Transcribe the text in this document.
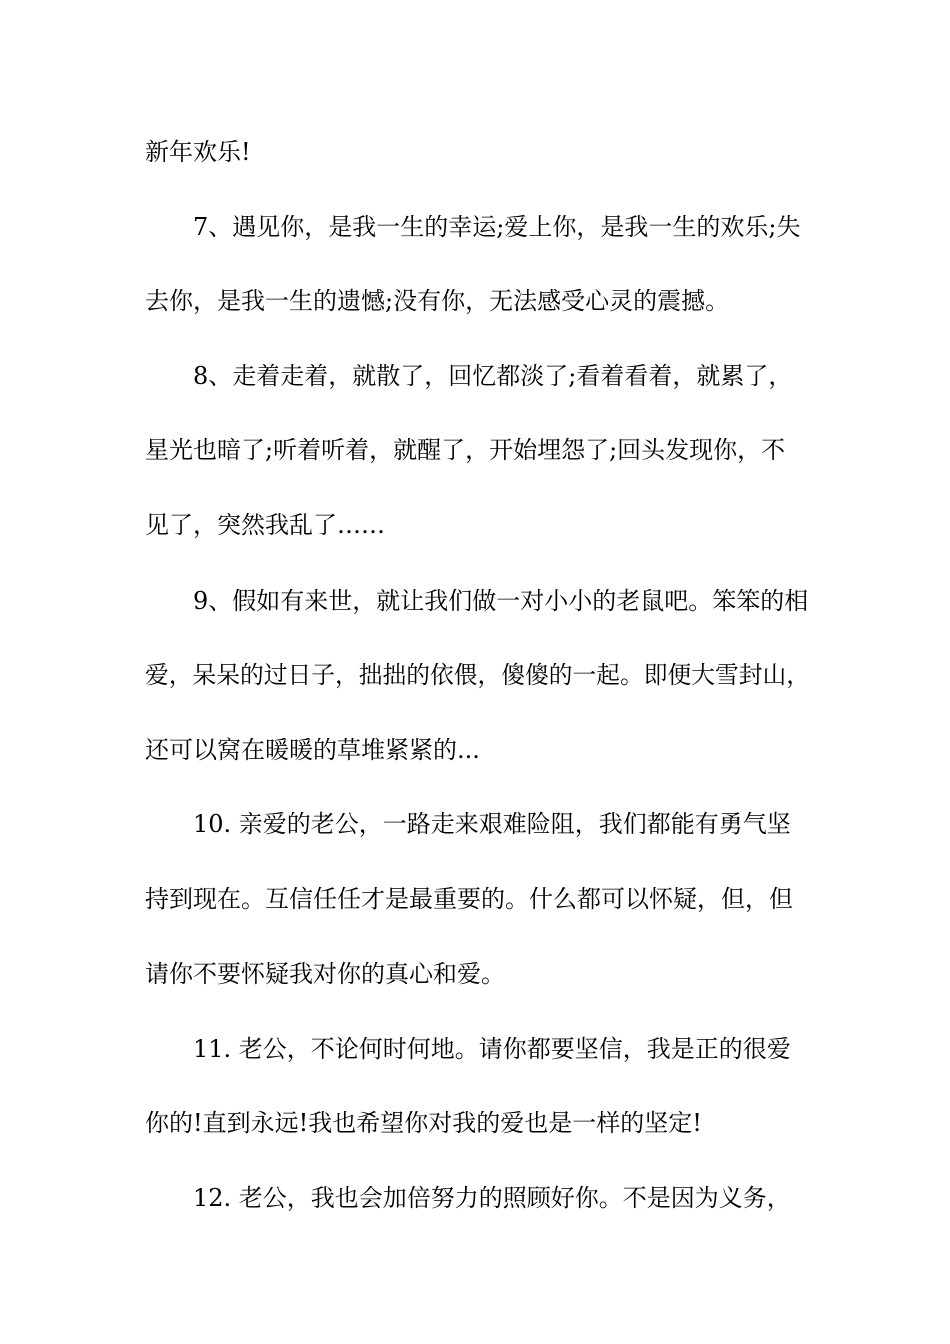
新年欢乐!
7、遇见你，是我一生的幸运;爱上你，是我一生的欢乐;失
去你，是我一生的遗憾;没有你，无法感受心灵的震撼。
8、走着走着，就散了，回忆都淡了;看着看着，就累了，
星光也暗了;听着听着，就醒了，开始埋怨了;回头发现你，不
见了，突然我乱了……
9、假如有来世，就让我们做一对小小的老鼠吧。笨笨的相
爱，呆呆的过日子，拙拙的依偎，傻傻的一起。即便大雪封山，
还可以窝在暖暖的草堆紧紧的...
10. 亲爱的老公，一路走来艰难险阻，我们都能有勇气坚
持到现在。互信任任才是最重要的。什么都可以怀疑，但，但
请你不要怀疑我对你的真心和爱。
11. 老公，不论何时何地。请你都要坚信，我是正的很爱
你的!直到永远!我也希望你对我的爱也是一样的坚定!
12. 老公，我也会加倍努力的照顾好你。不是因为义务，
